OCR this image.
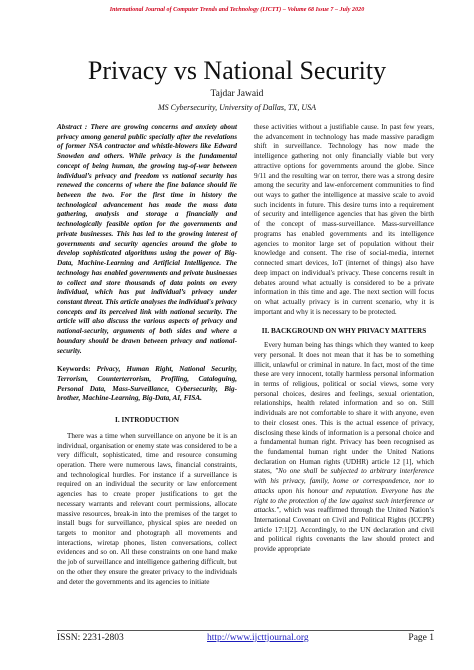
International Journal of Computer Trends and Technology (IJCTT) – Volume 68 Issue 7 – July 2020
Privacy vs National Security
Tajdar Jawaid
MS Cybersecurity, University of Dallas, TX, USA

Abstract : There are growing concerns and anxiety about privacy among general public specially after the revelations of former NSA contractor and whistle-blowers like Edward Snowden and others. While privacy is the fundamental concept of being human, the growing tug-of-war between individual’s privacy and freedom vs national security has renewed the concerns of where the fine balance should lie between the two. For the first time in history the technological advancement has made the mass data gathering, analysis and storage a financially and technologically feasible option for the governments and private businesses. This has led to the growing interest of governments and security agencies around the globe to develop sophisticated algorithms using the power of Big-Data, Machine-Learning and Artificial Intelligence. The technology has enabled governments and private businesses to collect and store thousands of data points on every individual, which has put individual’s privacy under constant threat. This article analyses the individual's privacy concepts and its perceived link with national security. The article will also discuss the various aspects of privacy and national-security, arguments of both sides and where a boundary should be drawn between privacy and national-security.

Keywords: Privacy, Human Right, National Security, Terrorism, Counterterrorism, Profiling, Cataloguing, Personal Data, Mass-Surveillance, Cybersecurity, Big-brother, Machine-Learning, Big-Data, AI, FISA.

I. INTRODUCTION

There was a time when surveillance on anyone be it is an individual, organisation or enemy state was considered to be a very difficult, sophisticated, time and resource consuming operation. There were numerous laws, financial constraints, and technological hurdles. For instance if a surveillance is required on an individual the security or law enforcement agencies has to create proper justifications to get the necessary warrants and relevant court permissions, allocate massive resources, break-in into the premises of the target to install bugs for surveillance, physical spies are needed on targets to monitor and photograph all movements and interactions, wiretap phones, listen conversations, collect evidences and so on. All these constraints on one hand make the job of surveillance and intelligence gathering difficult, but on the other they ensure the greater privacy to the individuals and deter the governments and its agencies to initiate

these activities without a justifiable cause. In past few years, the advancement in technology has made massive paradigm shift in surveillance. Technology has now made the intelligence gathering not only financially viable but very attractive options for governments around the globe. Since 9/11 and the resulting war on terror, there was a strong desire among the security and law-enforcement communities to find out ways to gather the intelligence at massive scale to avoid such incidents in future. This desire turns into a requirement of security and intelligence agencies that has given the birth of the concept of mass-surveillance. Mass-surveillance programs has enabled governments and its intelligence agencies to monitor large set of population without their knowledge and consent. The rise of social-media, internet connected smart devices, IoT (internet of things) also have deep impact on individual's privacy. These concerns result in debates around what actually is considered to be a private information in this time and age. The next section will focus on what actually privacy is in current scenario, why it is important and why it is necessary to be protected.

II. BACKGROUND ON WHY PRIVACY MATTERS

Every human being has things which they wanted to keep very personal. It does not mean that it has be to something illicit, unlawful or criminal in nature. In fact, most of the time these are very innocent, totally harmless personal information in terms of religious, political or social views, some very personal choices, desires and feelings, sexual orientation, relationships, health related information and so on. Still individuals are not comfortable to share it with anyone, even to their closest ones. This is the actual essence of privacy, disclosing these kinds of information is a personal choice and a fundamental human right. Privacy has been recognised as the fundamental human right under the United Nations declaration on Human rights (UDHR) article 12 [1], which states, "No one shall be subjected to arbitrary interference with his privacy, family, home or correspondence, nor to attacks upon his honour and reputation. Everyone has the right to the protection of the law against such interference or attacks.", which was reaffirmed through the United Nation’s International Covenant on Civil and Political Rights (ICCPR) article 17:1[2]. Accordingly, to the UN declaration and civil and political rights covenants the law should protect and provide appropriate

ISSN: 2231-2803	http://www.ijcttjournal.org	Page 1
